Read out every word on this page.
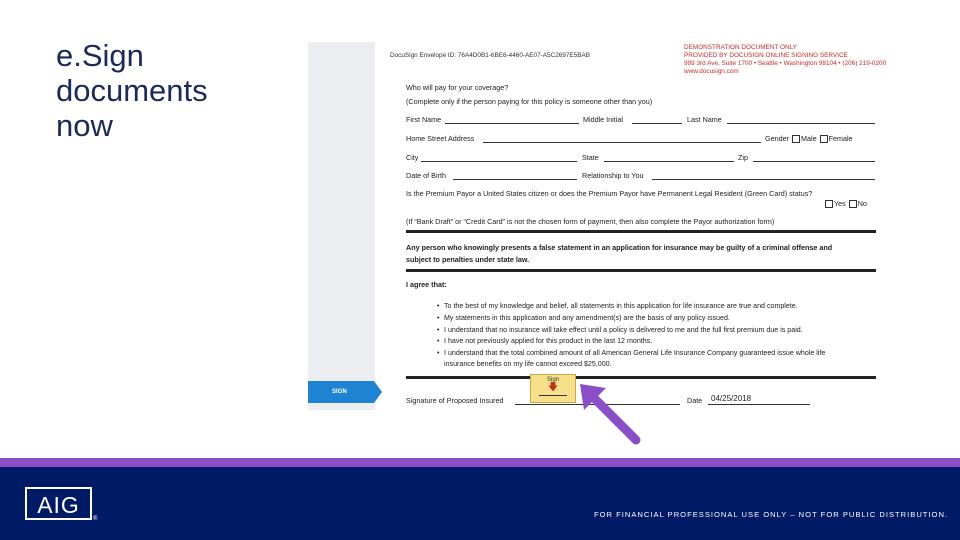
e.Sign
documents
now
SIGN
DocuSign Envelope ID: 76A4D0B1-6BE6-4460-AE07-A5C2697E5BAB
DEMONSTRATION DOCUMENT ONLY
PROVIDED BY DOCUSIGN ONLINE SIGNING SERVICE
999 3rd Ave, Suite 1700 • Seattle • Washington 98104 • (206) 219-0200
www.docusign.com
Who will pay for your coverage?
(Complete only if the person paying for this policy is someone other than you)
First Name	Middle Initial	Last Name
Home Street Address	Gender Male Female
City	State	Zip
Date of Birth	Relationship to You
Is the Premium Payor a United States citizen or does the Premium Payor have Permanent Legal Resident (Green Card) status?
Yes No
(If “Bank Draft” or “Credit Card” is not the chosen form of payment, then also complete the Payor authorization form)
Any person who knowingly presents a false statement in an application for insurance may be guilty of a criminal offense and
subject to penalties under state law.
I agree that:
• To the best of my knowledge and belief, all statements in this application for life insurance are true and complete.
• My statements in this application and any amendment(s) are the basis of any policy issued.
• I understand that no insurance will take effect until a policy is delivered to me and the full first premium due is paid.
• I have not previously applied for this product in the last 12 months.
• I understand that the total combined amount of all American General Life Insurance Company guaranteed issue whole life
insurance benefits on my life cannot exceed $25,000.
Sign
🡇
Signature of Proposed Insured	Date 04/25/2018
AIG
®	FOR FINANCIAL PROFESSIONAL USE ONLY – NOT FOR PUBLIC DISTRIBUTION.
